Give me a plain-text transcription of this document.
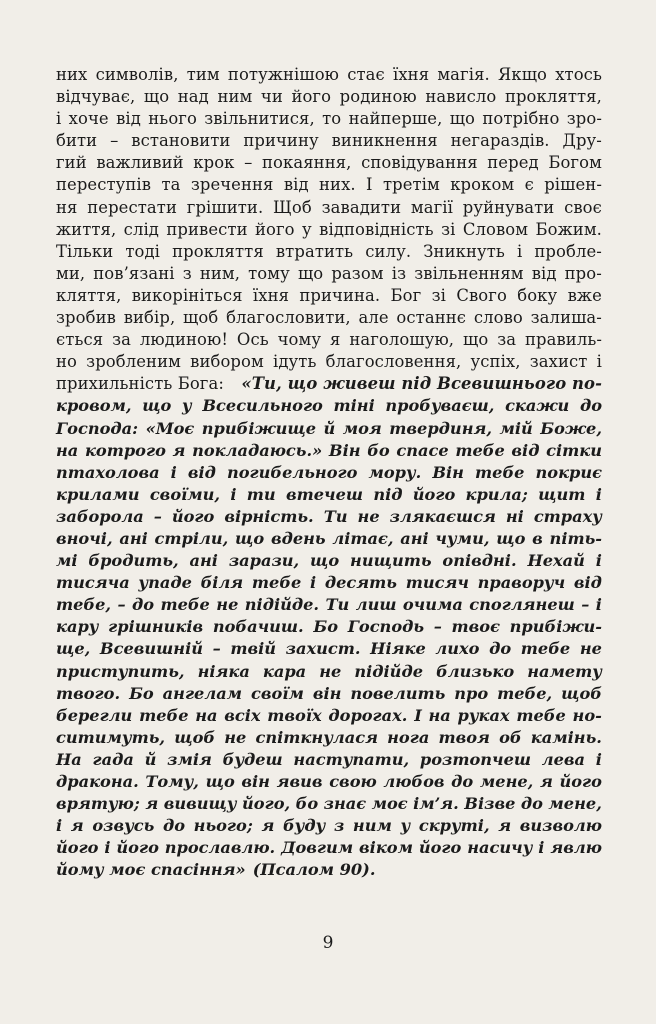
них символів, тим потужнішою стає їхня магія. Якщо хтось
відчуває, що над ним чи його родиною нависло прокляття,
і хоче від нього звільнитися, то найперше, що потрібно зро-
бити – встановити причину виникнення негараздів. Дру-
гий важливий крок – покаяння, сповідування перед Богом
переступів та зречення від них. І третім кроком є рішен-
ня перестати грішити. Щоб завадити магії руйнувати своє
життя, слід привести його у відповідність зі Словом Божим.
Тільки тоді прокляття втратить силу. Зникнуть і пробле-
ми, пов’язані з ним, тому що разом із звільненням від про-
кляття, викорініться їхня причина. Бог зі Свого боку вже
зробив вибір, щоб благословити, але останнє слово залиша-
ється за людиною! Ось чому я наголошую, що за правиль-
но зробленим вибором ідуть благословення, успіх, захист і
прихильність Бога: «Ти, що живеш під Всевишнього по-
кровом, що у Всесильного тіні пробуваєш, скажи до
Господа: «Моє прибіжище й моя твердиня, мій Боже,
на котрого я покладаюсь.» Він бо спасе тебе від сітки
птахолова і від погибельного мору. Він тебе покриє
крилами своїми, і ти втечеш під його крила; щит і
заборола – його вірність. Ти не злякаєшся ні страху
вночі, ані стріли, що вдень літає, ані чуми, що в піть-
мі бродить, ані зарази, що нищить опівдні. Нехай і
тисяча упаде біля тебе і десять тисяч праворуч від
тебе, – до тебе не підійде. Ти лиш очима споглянеш – і
кару грішників побачиш. Бо Господь – твоє прибіжи-
ще, Всевишній – твій захист. Ніяке лихо до тебе не
приступить, ніяка кара не підійде близько намету
твого. Бо ангелам своїм він повелить про тебе, щоб
берегли тебе на всіх твоїх дорогах. І на руках тебе но-
ситимуть, щоб не спіткнулася нога твоя об камінь.
На гада й змія будеш наступати, розтопчеш лева і
дракона. Тому, що він явив свою любов до мене, я його
врятую; я вивищу його, бо знає моє ім’я. Візве до мене,
і я озвусь до нього; я буду з ним у скруті, я визволю
його і його прославлю. Довгим віком його насичу і явлю
йому моє спасіння» (Псалом 90).
9
